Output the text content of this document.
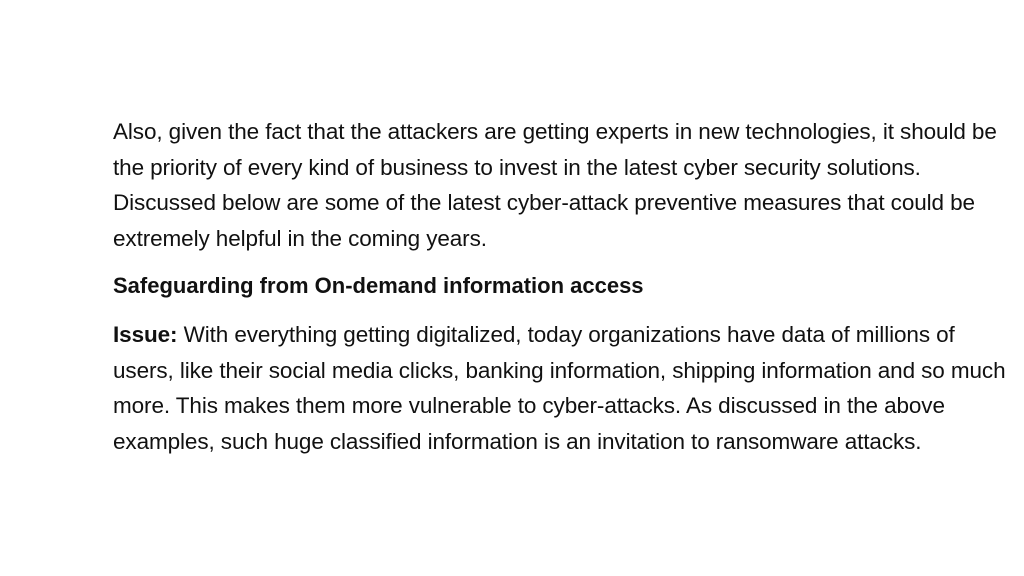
Also, given the fact that the attackers are getting experts in new technologies, it should be the priority of every kind of business to invest in the latest cyber security solutions. Discussed below are some of the latest cyber-attack preventive measures that could be extremely helpful in the coming years.

Safeguarding from On-demand information access

Issue: With everything getting digitalized, today organizations have data of millions of users, like their social media clicks, banking information, shipping information and so much more. This makes them more vulnerable to cyber-attacks. As discussed in the above examples, such huge classified information is an invitation to ransomware attacks.
